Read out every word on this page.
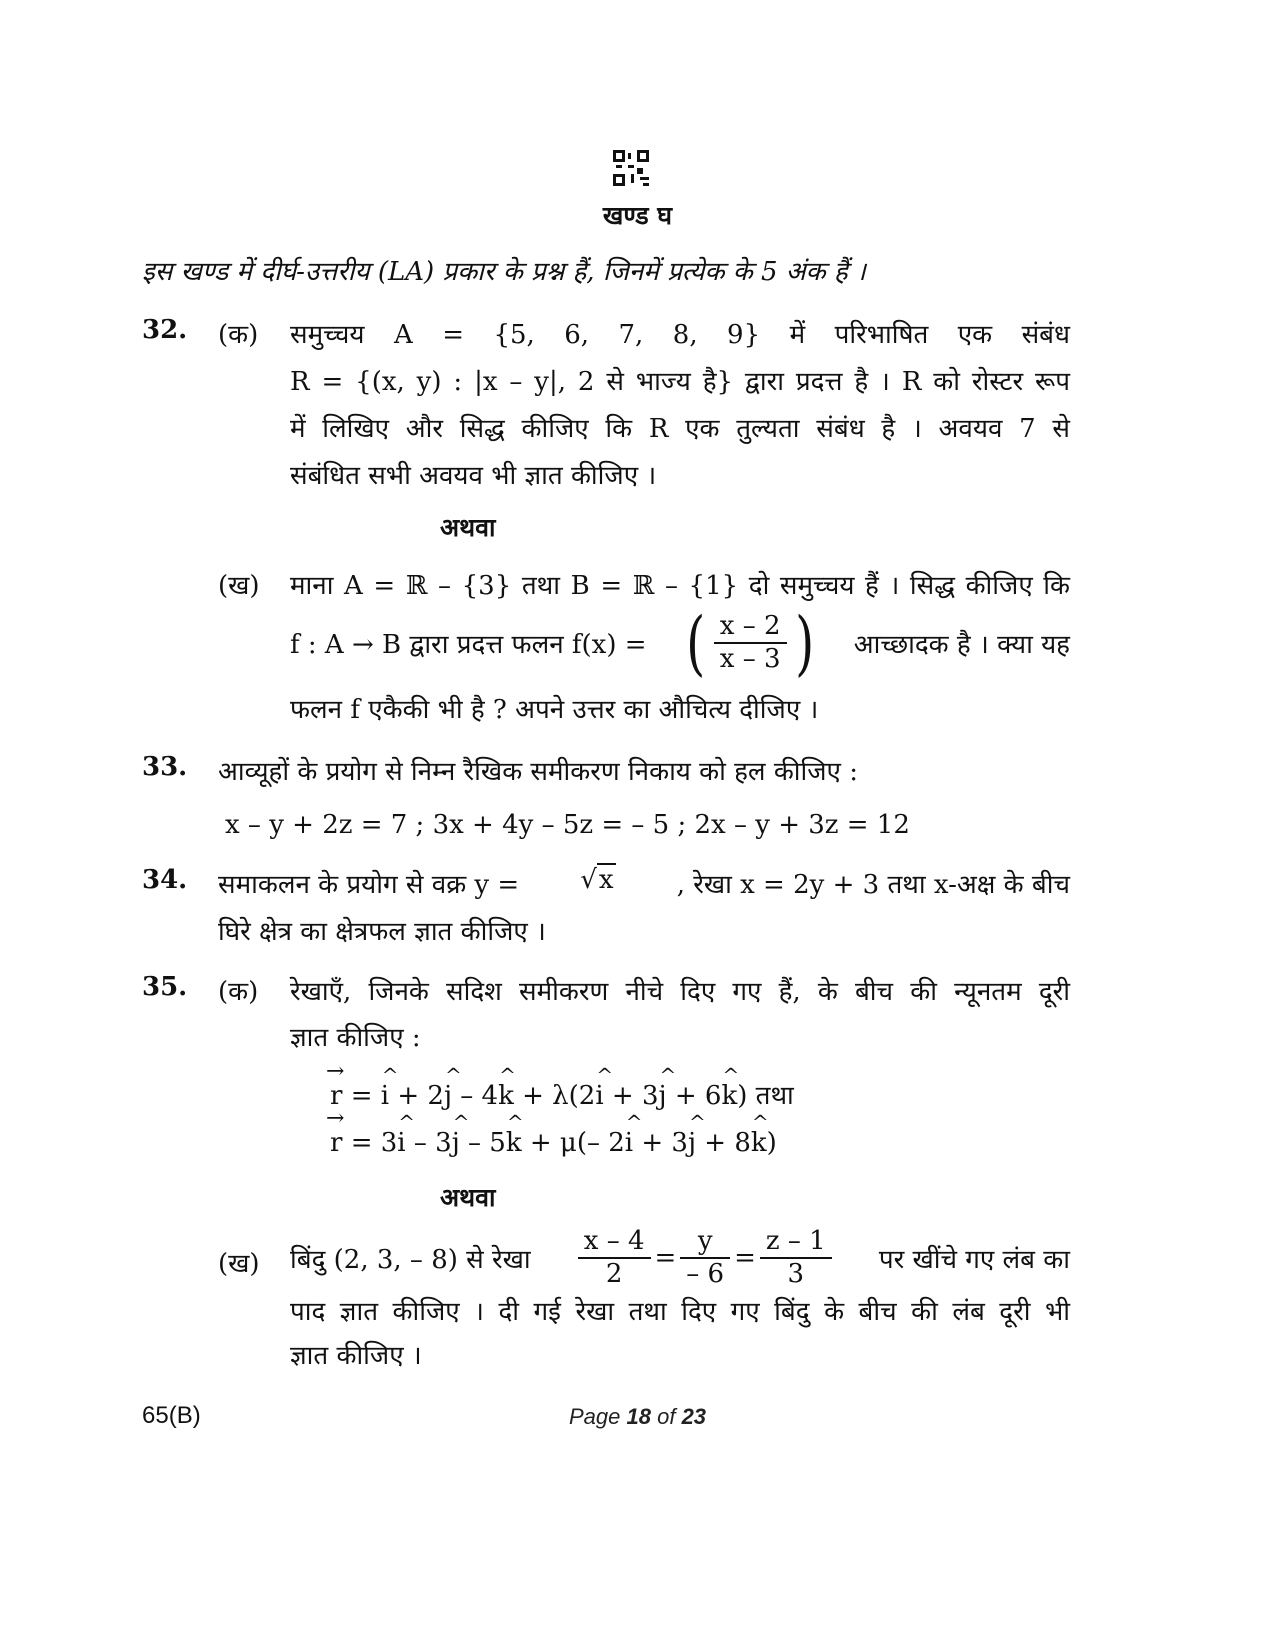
खण्ड घ
इस खण्ड में दीर्घ-उत्तरीय (LA) प्रकार के प्रश्न हैं, जिनमें प्रत्येक के 5 अंक हैं ।
32. (क) समुच्चय A = {5, 6, 7, 8, 9} में परिभाषित एक संबंध
R = {(x, y) : |x – y|, 2 से भाज्य है} द्वारा प्रदत्त है । R को रोस्टर रूप
में लिखिए और सिद्ध कीजिए कि R एक तुल्यता संबंध है । अवयव 7 से
संबंधित सभी अवयव भी ज्ञात कीजिए ।
अथवा
(ख) माना A = ℝ – {3} तथा B = ℝ – {1} दो समुच्चय हैं । सिद्ध कीजिए कि
f : A → B द्वारा प्रदत्त फलन f(x) = ( $\frac{x - 2}{x - 3}$ ) आच्छादक है । क्या यह
फलन f एकैकी भी है ? अपने उत्तर का औचित्य दीजिए ।
33. आव्यूहों के प्रयोग से निम्न रैखिक समीकरण निकाय को हल कीजिए :
x – y + 2z = 7 ; 3x + 4y – 5z = – 5 ; 2x – y + 3z = 12
34. समाकलन के प्रयोग से वक्र y = √x , रेखा x = 2y + 3 तथा x-अक्ष के बीच
घिरे क्षेत्र का क्षेत्रफल ज्ञात कीजिए ।
35. (क) रेखाएँ, जिनके सदिश समीकरण नीचे दिए गए हैं, के बीच की न्यूनतम दूरी
ज्ञात कीजिए :
→ r = ^ i + 2^ j – 4^ k + λ(2^ i + 3^ j + 6^ k) तथा
→ r = 3^ i – 3^ j – 5^ k + μ(– 2^ i + 3^ j + 8^ k)
अथवा
(ख) बिंदु (2, 3, – 8) से रेखा $\frac{x - 4}{2} = \frac{y}{- 6} = \frac{z - 1}{3}$ पर खींचे गए लंब का
पाद ज्ञात कीजिए । दी गई रेखा तथा दिए गए बिंदु के बीच की लंब दूरी भी
ज्ञात कीजिए ।
65(B)	Page 18 of 23
